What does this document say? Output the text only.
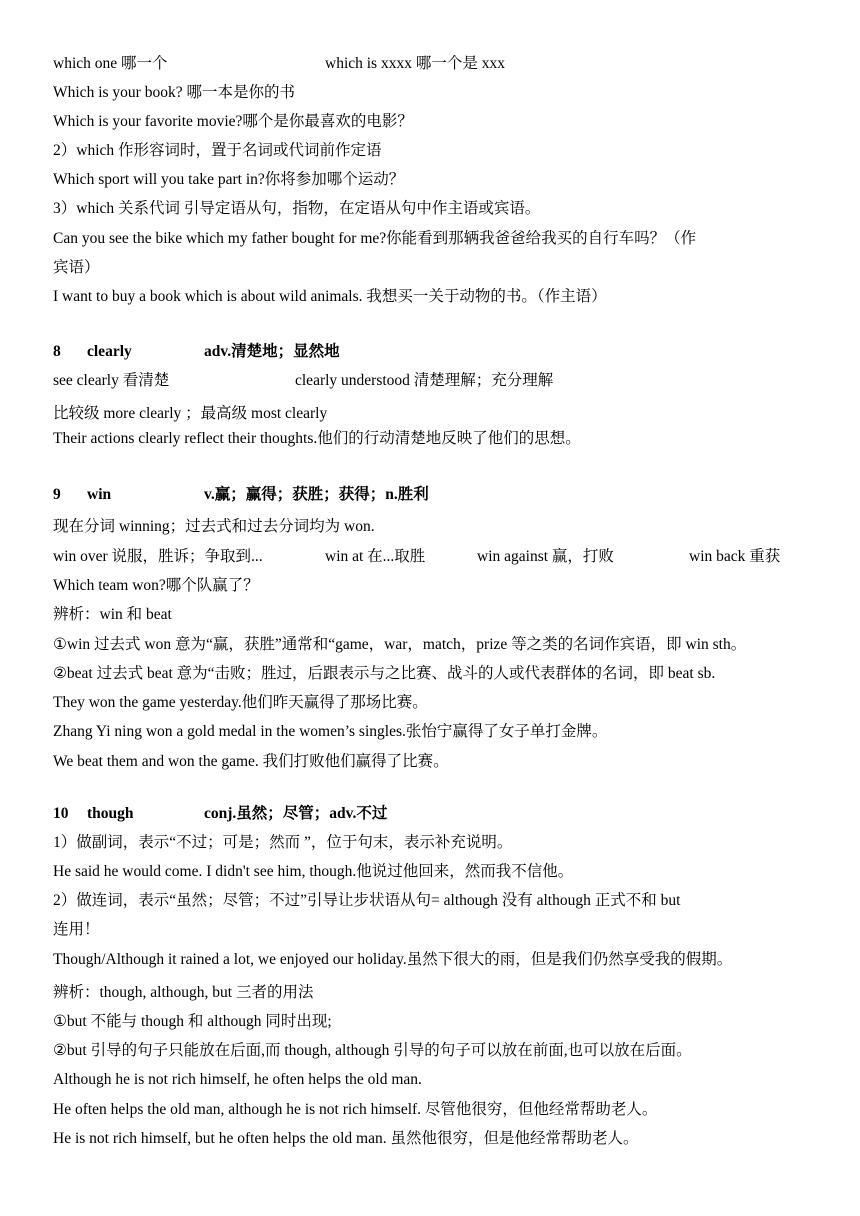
which one 哪一个	which is xxxx 哪一个是 xxx
Which is your book? 哪一本是你的书
Which is your favorite movie?哪个是你最喜欢的电影？
2）which 作形容词时，置于名词或代词前作定语
Which sport will you take part in?你将参加哪个运动？
3）which 关系代词 引导定语从句，指物，在定语从句中作主语或宾语。
Can you see the bike which my father bought for me?你能看到那辆我爸爸给我买的自行车吗？（作
宾语）
I want to buy a book which is about wild animals. 我想买一关于动物的书。（作主语）
8 clearly	adv.清楚地；显然地
see clearly 看清楚	clearly understood 清楚理解；充分理解
比较级 more clearly ；最高级 most clearly
Their actions clearly reflect their thoughts.他们的行动清楚地反映了他们的思想。
9 win	v.赢；赢得；获胜；获得；n.胜利
现在分词 winning；过去式和过去分词均为 won.
win over 说服，胜诉；争取到...	win at 在...取胜	win against 赢，打败	win back 重获
Which team won?哪个队赢了？
辨析：win 和 beat
①win 过去式 won 意为“赢，获胜”通常和“game，war，match，prize 等之类的名词作宾语，即 win sth。
②beat 过去式 beat 意为“击败；胜过，后跟表示与之比赛、战斗的人或代表群体的名词，即 beat sb.
They won the game yesterday.他们昨天赢得了那场比赛。
Zhang Yi ning won a gold medal in the women’s singles.张怡宁赢得了女子单打金牌。
We beat them and won the game. 我们打败他们赢得了比赛。
10 though	conj.虽然；尽管；adv.不过
1）做副词，表示“不过；可是；然而 ”，位于句末，表示补充说明。
He said he would come. I didn't see him, though.他说过他回来，然而我不信他。
2）做连词，表示“虽然；尽管；不过”引导让步状语从句= although 没有 although 正式不和 but
连用！
Though/Although it rained a lot, we enjoyed our holiday.虽然下很大的雨，但是我们仍然享受我的假期。
辨析：though, although, but 三者的用法
①but 不能与 though 和 although 同时出现;
②but 引导的句子只能放在后面,而 though, although 引导的句子可以放在前面,也可以放在后面。
Although he is not rich himself, he often helps the old man.
He often helps the old man, although he is not rich himself. 尽管他很穷，但他经常帮助老人。
He is not rich himself, but he often helps the old man. 虽然他很穷，但是他经常帮助老人。
